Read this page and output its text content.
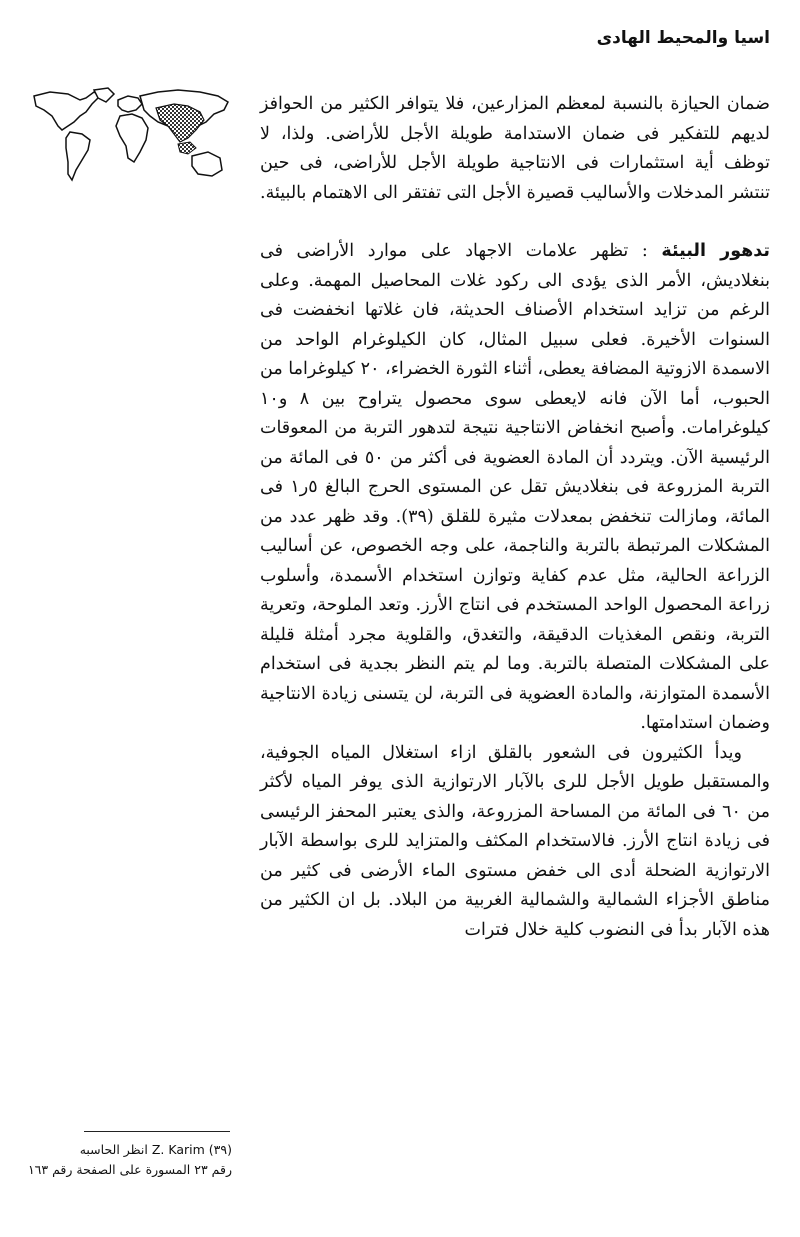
اسيا والمحيط الهادى

ضمان الحيازة بالنسبة لمعظم المزارعين، فلا يتوافر الكثير من الحوافز لديهم للتفكير فى ضمان الاستدامة طويلة الأجل للأراضى. ولذا، لا توظف أية استثمارات فى الانتاجية طويلة الأجل للأراضى، فى حين تنتشر المدخلات والأساليب قصيرة الأجل التى تفتقر الى الاهتمام بالبيئة.

تدهور البيئة : تظهر علامات الاجهاد على موارد الأراضى فى بنغلاديش، الأمر الذى يؤدى الى ركود غلات المحاصيل المهمة. وعلى الرغم من تزايد استخدام الأصناف الحديثة، فان غلاتها انخفضت فى السنوات الأخيرة. فعلى سبيل المثال، كان الكيلوغرام الواحد من الاسمدة الازوتية المضافة يعطى، أثناء الثورة الخضراء، ٢٠ كيلوغراما من الحبوب، أما الآن فانه لايعطى سوى محصول يتراوح بين ٨ و١٠ كيلوغرامات. وأصبح انخفاض الانتاجية نتيجة لتدهور التربة من المعوقات الرئيسية الآن. ويتردد أن المادة العضوية فى أكثر من ٥٠ فى المائة من التربة المزروعة فى بنغلاديش تقل عن المستوى الحرج البالغ ٥ر١ فى المائة، ومازالت تنخفض بمعدلات مثيرة للقلق (٣٩). وقد ظهر عدد من المشكلات المرتبطة بالتربة والناجمة، على وجه الخصوص، عن أساليب الزراعة الحالية، مثل عدم كفاية وتوازن استخدام الأسمدة، وأسلوب زراعة المحصول الواحد المستخدم فى انتاج الأرز. وتعد الملوحة، وتعرية التربة، ونقص المغذيات الدقيقة، والتغدق، والقلوية مجرد أمثلة قليلة على المشكلات المتصلة بالتربة. وما لم يتم النظر بجدية فى استخدام الأسمدة المتوازنة، والمادة العضوية فى التربة، لن يتسنى زيادة الانتاجية وضمان استدامتها.

ويدأ الكثيرون فى الشعور بالقلق ازاء استغلال المياه الجوفية، والمستقبل طويل الأجل للرى بالآبار الارتوازية الذى يوفر المياه لأكثر من ٦٠ فى المائة من المساحة المزروعة، والذى يعتبر المحفز الرئيسى فى زيادة انتاج الأرز. فالاستخدام المكثف والمتزايد للرى بواسطة الآبار الارتوازية الضحلة أدى الى خفض مستوى الماء الأرضى فى كثير من مناطق الأجزاء الشمالية والشمالية الغربية من البلاد. بل ان الكثير من هذه الآبار بدأ فى النضوب كلية خلال فترات

(٣٩) Z. Karim انظر الحاسبه
رقم ٢٣ المسورة على الصفحة رقم ١٦٣
